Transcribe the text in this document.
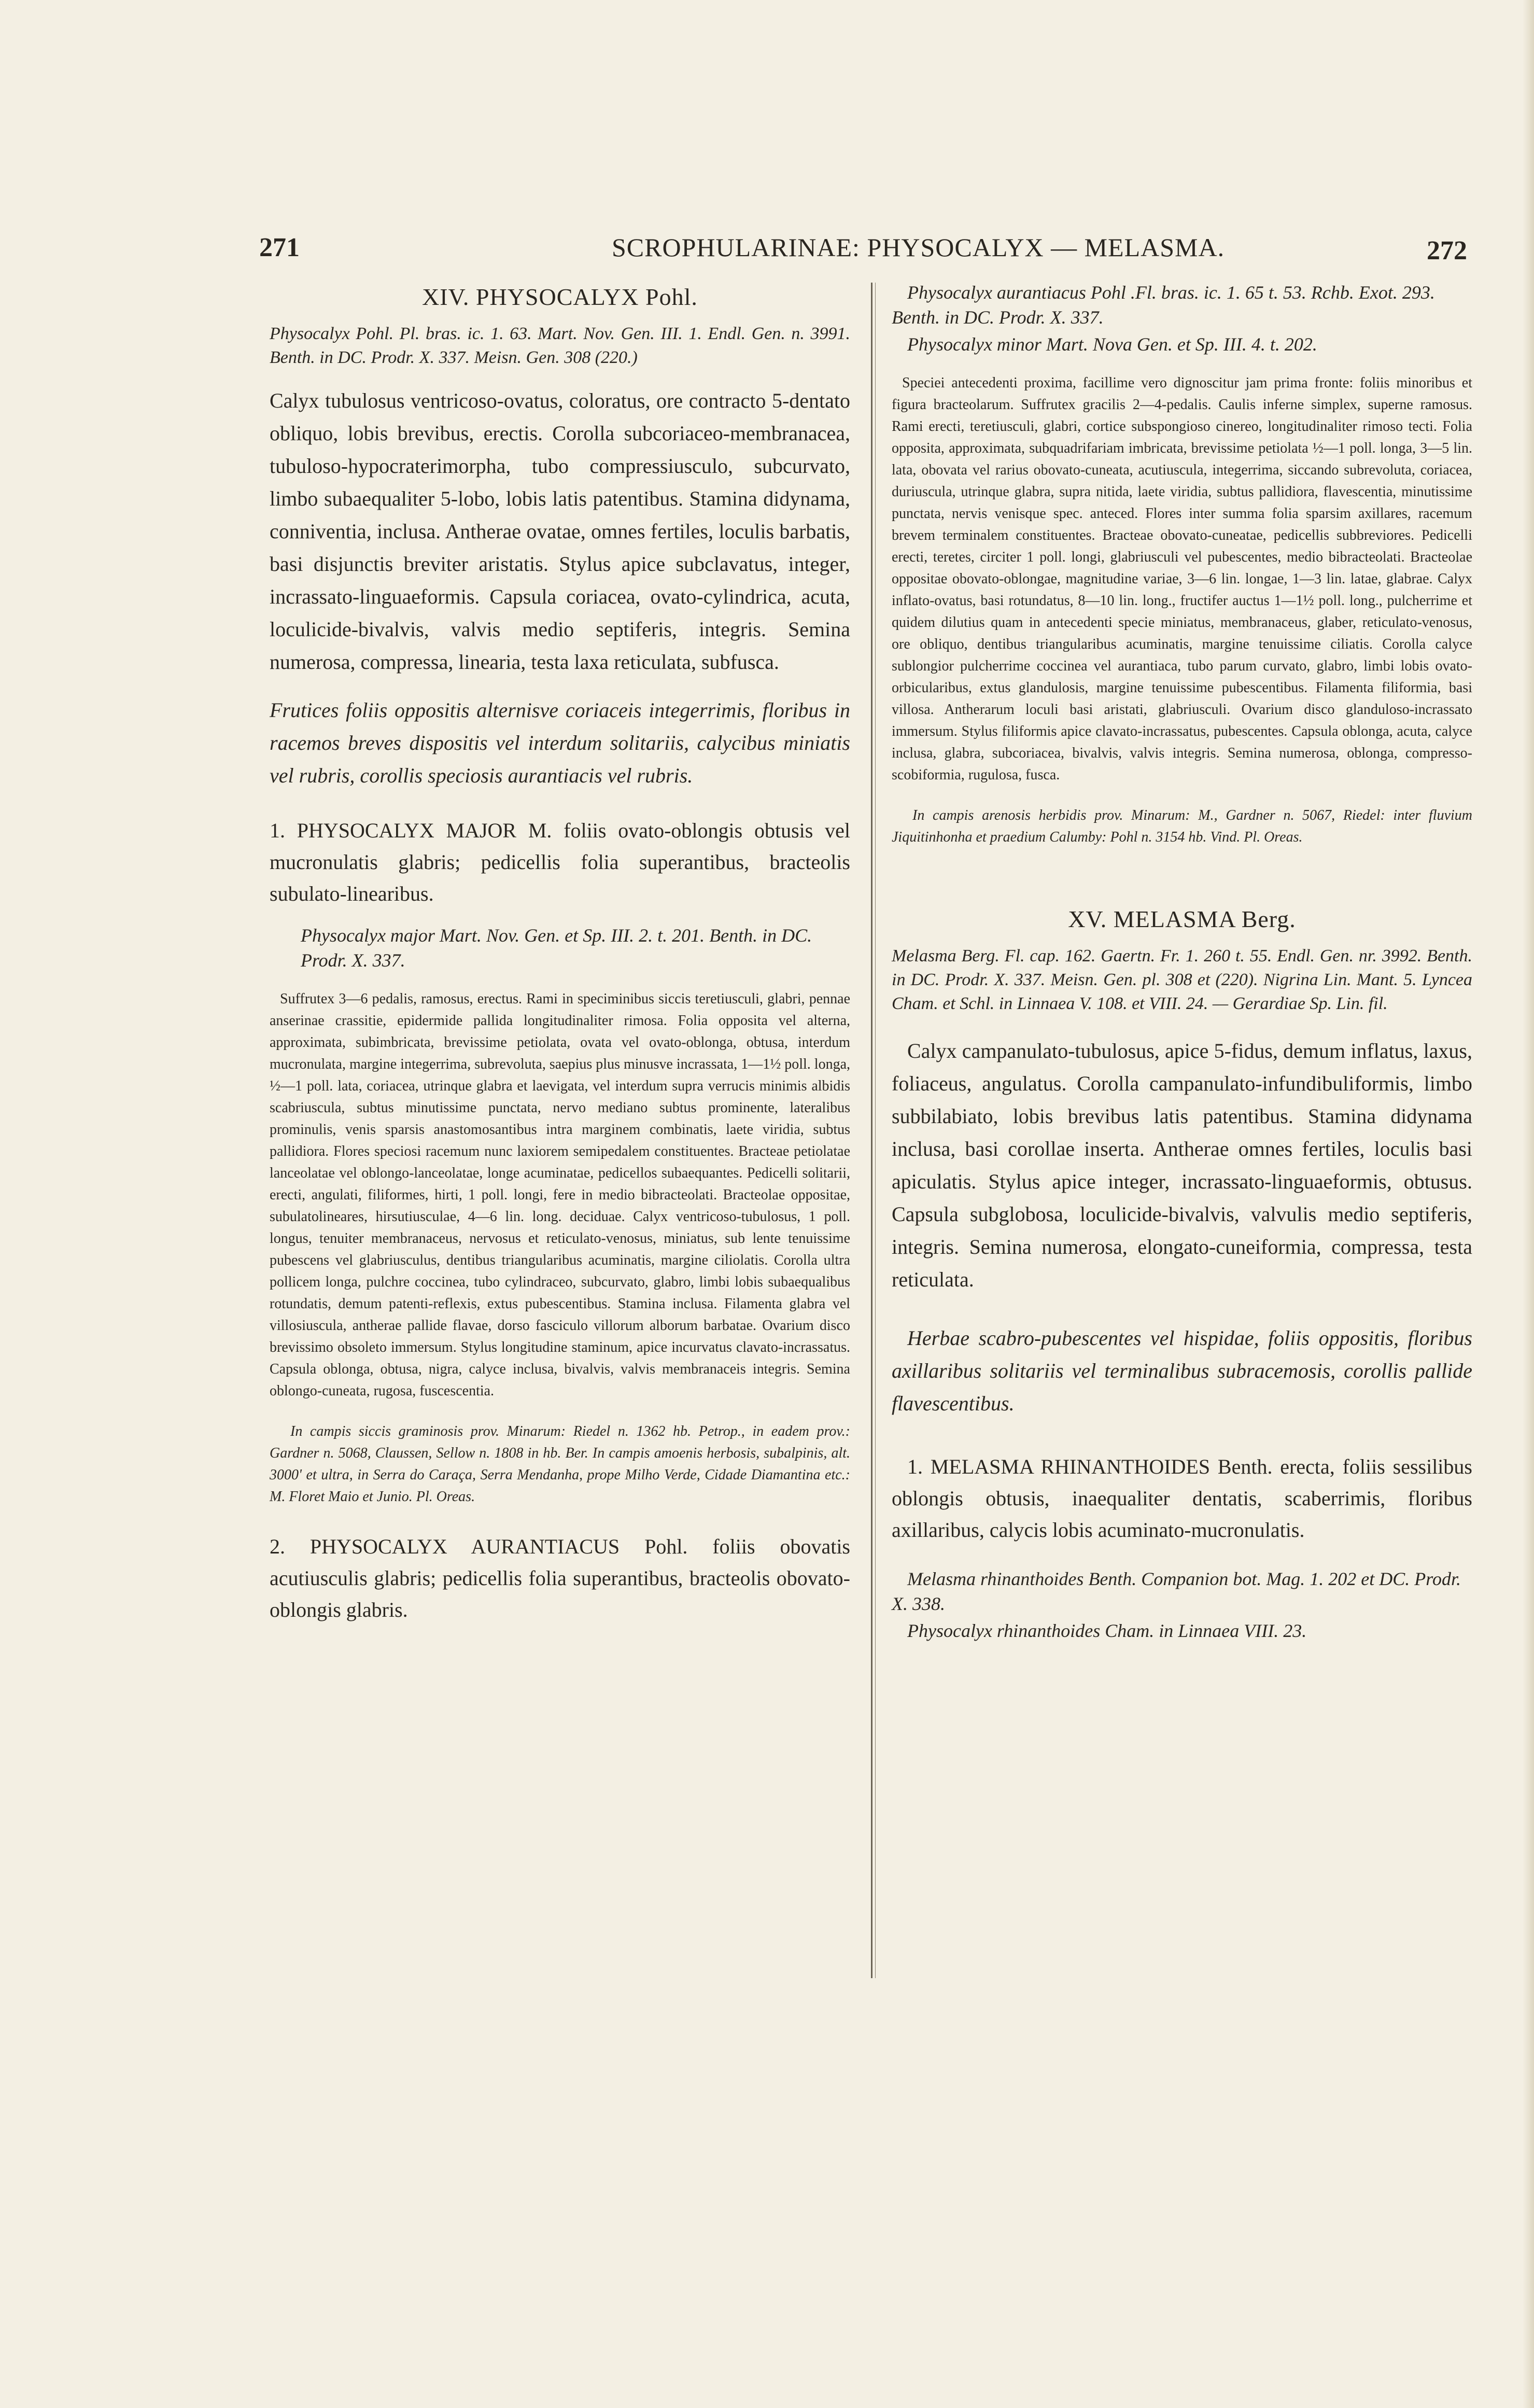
271	SCROPHULARINAE: PHYSOCALYX — MELASMA.	272
XIV. PHYSOCALYX Pohl.
Physocalyx Pohl. Pl. bras. ic. 1. 63. Mart. Nov. Gen. III. 1. Endl. Gen. n. 3991. Benth. in DC. Prodr. X. 337. Meisn. Gen. 308 (220.)
Calyx tubulosus ventricoso-ovatus, coloratus, ore contracto 5-dentato obliquo, lobis brevibus, erectis. Corolla subcoriaceo-membranacea, tubuloso-hypocraterimorpha, tubo compressiusculo, subcurvato, limbo subaequaliter 5-lobo, lobis latis patentibus. Stamina didynama, conniventia, inclusa. Antherae ovatae, omnes fertiles, loculis barbatis, basi disjunctis breviter aristatis. Stylus apice subclavatus, integer, incrassato-linguaeformis. Capsula coriacea, ovato-cylindrica, acuta, loculicide-bivalvis, valvis medio septiferis, integris. Semina numerosa, compressa, linearia, testa laxa reticulata, subfusca.
Frutices foliis oppositis alternisve coriaceis integerrimis, floribus in racemos breves dispositis vel interdum solitariis, calycibus miniatis vel rubris, corollis speciosis aurantiacis vel rubris.
1. PHYSOCALYX MAJOR M. foliis ovato-oblongis obtusis vel mucronulatis glabris; pedicellis folia superantibus, bracteolis subulato-linearibus.
Physocalyx major Mart. Nov. Gen. et Sp. III. 2. t. 201. Benth. in DC. Prodr. X. 337.
Suffrutex 3—6 pedalis, ramosus, erectus. Rami in speciminibus siccis teretiusculi, glabri, pennae anserinae crassitie, epidermide pallida longitudinaliter rimosa. Folia opposita vel alterna, approximata, subimbricata, brevissime petiolata, ovata vel ovato-oblonga, obtusa, interdum mucronulata, margine integerrima, subrevoluta, saepius plus minusve incrassata, 1—1½ poll. longa, ½—1 poll. lata, coriacea, utrinque glabra et laevigata, vel interdum supra verrucis minimis albidis scabriuscula, subtus minutissime punctata, nervo mediano subtus prominente, lateralibus prominulis, venis sparsis anastomosantibus intra marginem combinatis, laete viridia, subtus pallidiora. Flores speciosi racemum nunc laxiorem semipedalem constituentes. Bracteae petiolatae lanceolatae vel oblongo-lanceolatae, longe acuminatae, pedicellos subaequantes. Pedicelli solitarii, erecti, angulati, filiformes, hirti, 1 poll. longi, fere in medio bibracteolati. Bracteolae oppositae, subulatolineares, hirsutiusculae, 4—6 lin. long. deciduae. Calyx ventricoso-tubulosus, 1 poll. longus, tenuiter membranaceus, nervosus et reticulato-venosus, miniatus, sub lente tenuissime pubescens vel glabriusculus, dentibus triangularibus acuminatis, margine ciliolatis. Corolla ultra pollicem longa, pulchre coccinea, tubo cylindraceo, subcurvato, glabro, limbi lobis subaequalibus rotundatis, demum patenti-reflexis, extus pubescentibus. Stamina inclusa. Filamenta glabra vel villosiuscula, antherae pallide flavae, dorso fasciculo villorum alborum barbatae. Ovarium disco brevissimo obsoleto immersum. Stylus longitudine staminum, apice incurvatus clavato-incrassatus. Capsula oblonga, obtusa, nigra, calyce inclusa, bivalvis, valvis membranaceis integris. Semina oblongo-cuneata, rugosa, fuscescentia.
In campis siccis graminosis prov. Minarum: Riedel n. 1362 hb. Petrop., in eadem prov.: Gardner n. 5068, Claussen, Sellow n. 1808 in hb. Ber. In campis amoenis herbosis, subalpinis, alt. 3000' et ultra, in Serra do Caraça, Serra Mendanha, prope Milho Verde, Cidade Diamantina etc.: M. Floret Maio et Junio. Pl. Oreas.
2. PHYSOCALYX AURANTIACUS Pohl. foliis obovatis acutiusculis glabris; pedicellis folia superantibus, bracteolis obovato-oblongis glabris.
Physocalyx aurantiacus Pohl .Fl. bras. ic. 1. 65 t. 53. Rchb. Exot. 293. Benth. in DC. Prodr. X. 337.
Physocalyx minor Mart. Nova Gen. et Sp. III. 4. t. 202.
Speciei antecedenti proxima, facillime vero dignoscitur jam prima fronte: foliis minoribus et figura bracteolarum. Suffrutex gracilis 2—4-pedalis. Caulis inferne simplex, superne ramosus. Rami erecti, teretiusculi, glabri, cortice subspongioso cinereo, longitudinaliter rimoso tecti. Folia opposita, approximata, subquadrifariam imbricata, brevissime petiolata ½—1 poll. longa, 3—5 lin. lata, obovata vel rarius obovato-cuneata, acutiuscula, integerrima, siccando subrevoluta, coriacea, duriuscula, utrinque glabra, supra nitida, laete viridia, subtus pallidiora, flavescentia, minutissime punctata, nervis venisque spec. anteced. Flores inter summa folia sparsim axillares, racemum brevem terminalem constituentes. Bracteae obovato-cuneatae, pedicellis subbreviores. Pedicelli erecti, teretes, circiter 1 poll. longi, glabriusculi vel pubescentes, medio bibracteolati. Bracteolae oppositae obovato-oblongae, magnitudine variae, 3—6 lin. longae, 1—3 lin. latae, glabrae. Calyx inflato-ovatus, basi rotundatus, 8—10 lin. long., fructifer auctus 1—1½ poll. long., pulcherrime et quidem dilutius quam in antecedenti specie miniatus, membranaceus, glaber, reticulato-venosus, ore obliquo, dentibus triangularibus acuminatis, margine tenuissime ciliatis. Corolla calyce sublongior pulcherrime coccinea vel aurantiaca, tubo parum curvato, glabro, limbi lobis ovato-orbicularibus, extus glandulosis, margine tenuissime pubescentibus. Filamenta filiformia, basi villosa. Antherarum loculi basi aristati, glabriusculi. Ovarium disco glanduloso-incrassato immersum. Stylus filiformis apice clavato-incrassatus, pubescentes. Capsula oblonga, acuta, calyce inclusa, glabra, subcoriacea, bivalvis, valvis integris. Semina numerosa, oblonga, compresso-scobiformia, rugulosa, fusca.
In campis arenosis herbidis prov. Minarum: M., Gardner n. 5067, Riedel: inter fluvium Jiquitinhonha et praedium Calumby: Pohl n. 3154 hb. Vind. Pl. Oreas.
XV. MELASMA Berg.
Melasma Berg. Fl. cap. 162. Gaertn. Fr. 1. 260 t. 55. Endl. Gen. nr. 3992. Benth. in DC. Prodr. X. 337. Meisn. Gen. pl. 308 et (220). Nigrina Lin. Mant. 5. Lyncea Cham. et Schl. in Linnaea V. 108. et VIII. 24. — Gerardiae Sp. Lin. fil.
Calyx campanulato-tubulosus, apice 5-fidus, demum inflatus, laxus, foliaceus, angulatus. Corolla campanulato-infundibuliformis, limbo subbilabiato, lobis brevibus latis patentibus. Stamina didynama inclusa, basi corollae inserta. Antherae omnes fertiles, loculis basi apiculatis. Stylus apice integer, incrassato-linguaeformis, obtusus. Capsula subglobosa, loculicide-bivalvis, valvulis medio septiferis, integris. Semina numerosa, elongato-cuneiformia, compressa, testa reticulata.
Herbae scabro-pubescentes vel hispidae, foliis oppositis, floribus axillaribus solitariis vel terminalibus subracemosis, corollis pallide flavescentibus.
1. MELASMA RHINANTHOIDES Benth. erecta, foliis sessilibus oblongis obtusis, inaequaliter dentatis, scaberrimis, floribus axillaribus, calycis lobis acuminato-mucronulatis.
Melasma rhinanthoides Benth. Companion bot. Mag. 1. 202 et DC. Prodr. X. 338.
Physocalyx rhinanthoides Cham. in Linnaea VIII. 23.
